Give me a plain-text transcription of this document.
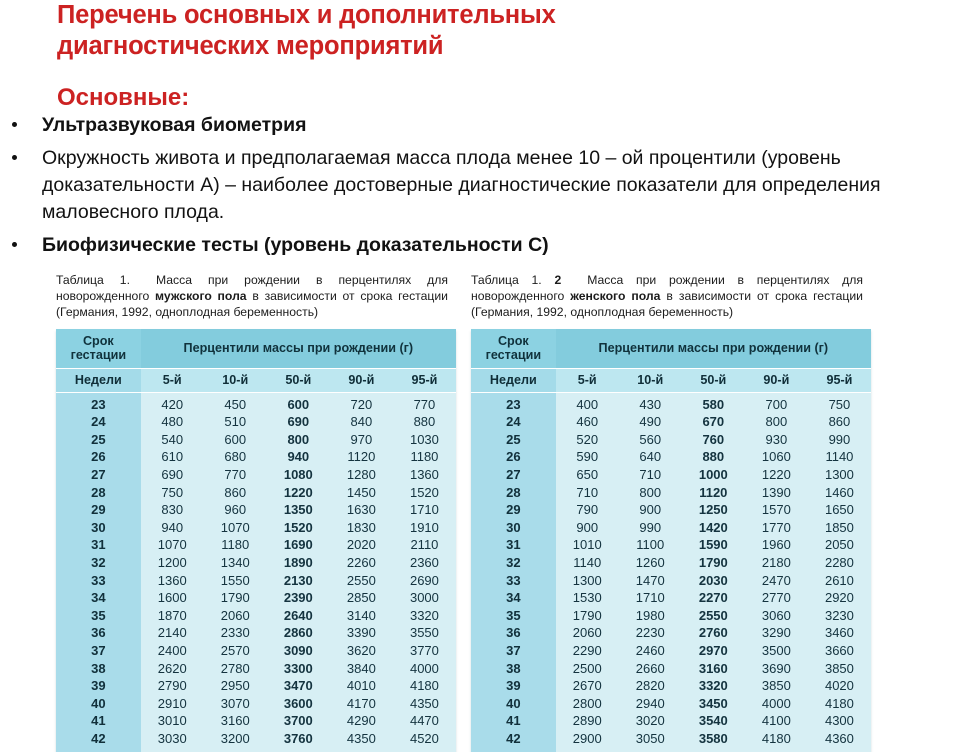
Перечень основных и дополнительных
диагностических мероприятий
Основные:
Ультразвуковая биометрия
Окружность живота и предполагаемая масса плода менее 10 – ой процентили (уровень доказательности А) – наиболее достоверные диагностические показатели для определения маловесного плода.
Биофизические тесты (уровень доказательности С)

Таблица 1. Масса при рождении в перцентилях для новорожденного мужского пола в зависимости от срока гестации (Германия, 1992, одноплодная беременность)

Срок гестации	Перцентили массы при рождении (г)				
Недели	5-й	10-й	50-й	90-й	95-й
23	420	450	600	720	770
24	480	510	690	840	880
25	540	600	800	970	1030
26	610	680	940	1120	1180
27	690	770	1080	1280	1360
28	750	860	1220	1450	1520
29	830	960	1350	1630	1710
30	940	1070	1520	1830	1910
31	1070	1180	1690	2020	2110
32	1200	1340	1890	2260	2360
33	1360	1550	2130	2550	2690
34	1600	1790	2390	2850	3000
35	1870	2060	2640	3140	3320
36	2140	2330	2860	3390	3550
37	2400	2570	3090	3620	3770
38	2620	2780	3300	3840	4000
39	2790	2950	3470	4010	4180
40	2910	3070	3600	4170	4350
41	3010	3160	3700	4290	4470
42	3030	3200	3760	4350	4520

Таблица 1. 2 Масса при рождении в перцентилях для новорожденного женского пола в зависимости от срока гестации (Германия, 1992, одноплодная беременность)

Срок гестации	Перцентили массы при рождении (г)				
Недели	5-й	10-й	50-й	90-й	95-й
23	400	430	580	700	750
24	460	490	670	800	860
25	520	560	760	930	990
26	590	640	880	1060	1140
27	650	710	1000	1220	1300
28	710	800	1120	1390	1460
29	790	900	1250	1570	1650
30	900	990	1420	1770	1850
31	1010	1100	1590	1960	2050
32	1140	1260	1790	2180	2280
33	1300	1470	2030	2470	2610
34	1530	1710	2270	2770	2920
35	1790	1980	2550	3060	3230
36	2060	2230	2760	3290	3460
37	2290	2460	2970	3500	3660
38	2500	2660	3160	3690	3850
39	2670	2820	3320	3850	4020
40	2800	2940	3450	4000	4180
41	2890	3020	3540	4100	4300
42	2900	3050	3580	4180	4360
